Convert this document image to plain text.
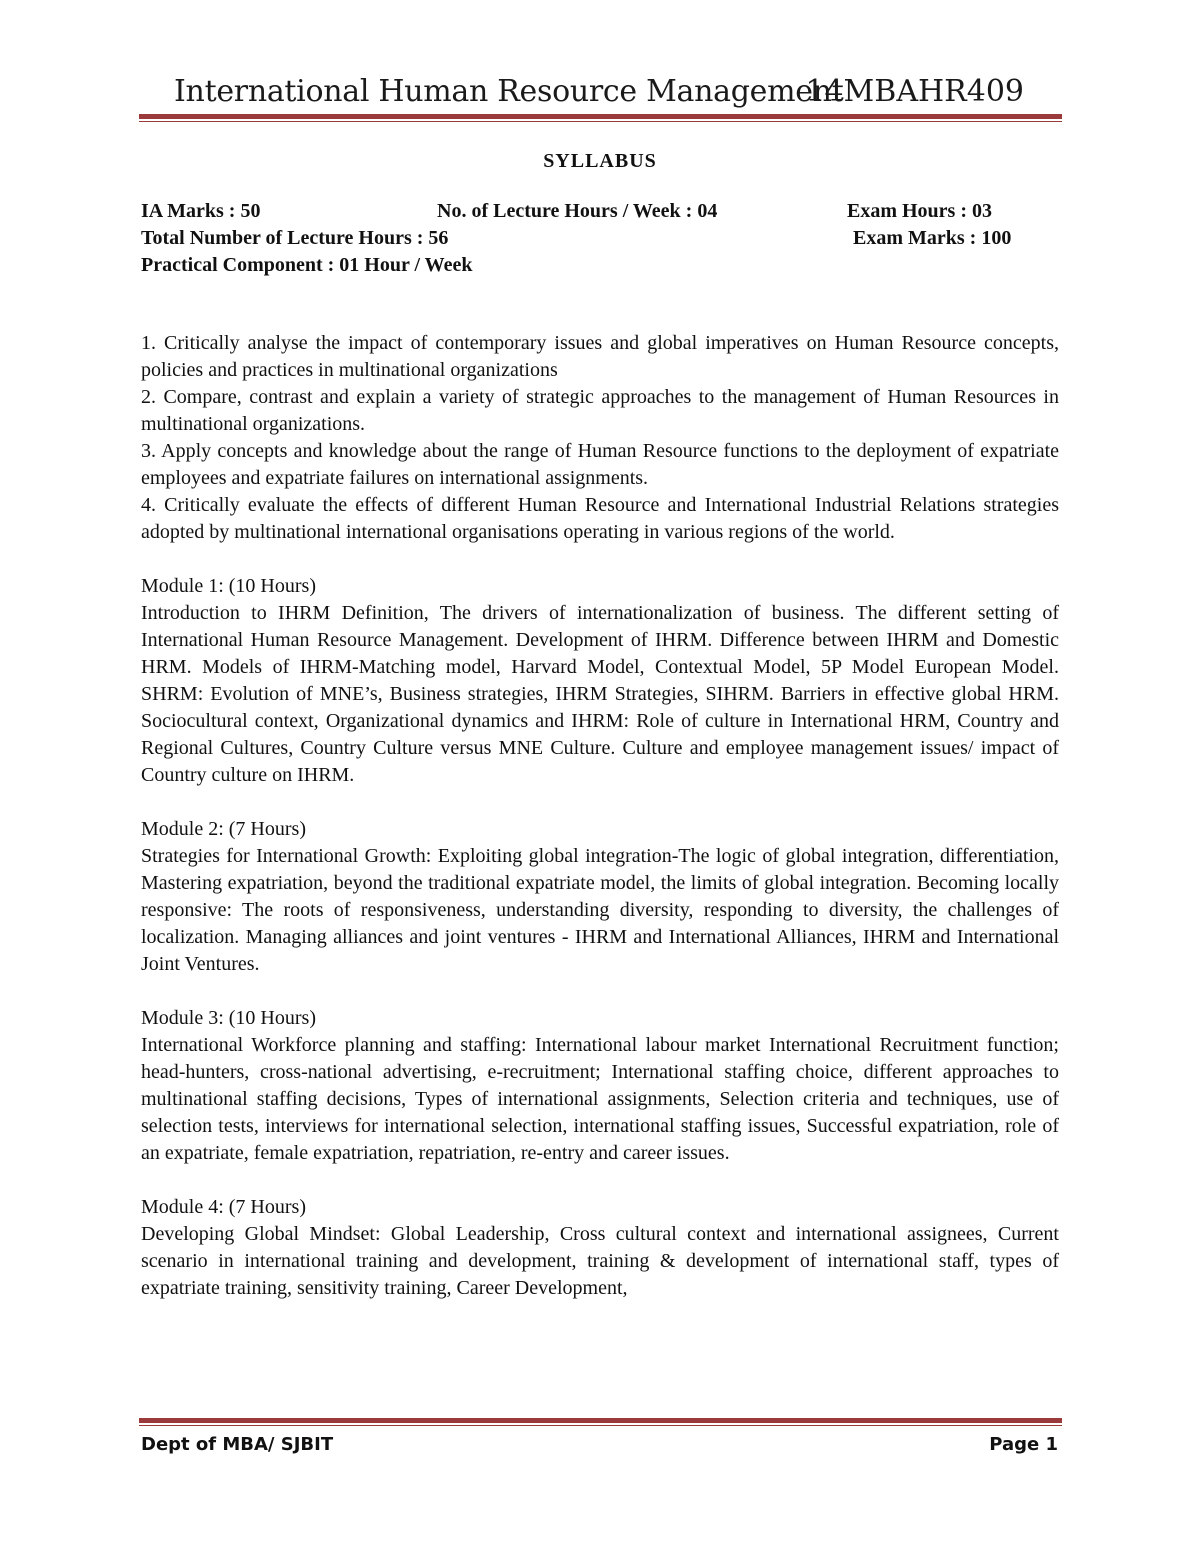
International Human Resource Management
14MBAHR409
SYLLABUS
IA Marks : 50	No. of Lecture Hours / Week : 04	Exam Hours : 03
Total Number of Lecture Hours : 56	Exam Marks : 100
Practical Component : 01 Hour / Week

1. Critically analyse the impact of contemporary issues and global imperatives on Human Resource concepts, policies and practices in multinational organizations

2. Compare, contrast and explain a variety of strategic approaches to the management of Human Resources in multinational organizations.

3. Apply concepts and knowledge about the range of Human Resource functions to the deployment of expatriate employees and expatriate failures on international assignments.

4. Critically evaluate the effects of different Human Resource and International Industrial Relations strategies adopted by multinational international organisations operating in various regions of the world.

Module 1: (10 Hours)

Introduction to IHRM Definition, The drivers of internationalization of business. The different setting of International Human Resource Management. Development of IHRM. Difference between IHRM and Domestic HRM. Models of IHRM-Matching model, Harvard Model, Contextual Model, 5P Model European Model. SHRM: Evolution of MNE’s, Business strategies, IHRM Strategies, SIHRM. Barriers in effective global HRM. Sociocultural context, Organizational dynamics and IHRM: Role of culture in International HRM, Country and Regional Cultures, Country Culture versus MNE Culture. Culture and employee management issues/ impact of Country culture on IHRM.

Module 2: (7 Hours)

Strategies for International Growth: Exploiting global integration-The logic of global integration, differentiation, Mastering expatriation, beyond the traditional expatriate model, the limits of global integration. Becoming locally responsive: The roots of responsiveness, understanding diversity, responding to diversity, the challenges of localization. Managing alliances and joint ventures - IHRM and International Alliances, IHRM and International Joint Ventures.

Module 3: (10 Hours)

International Workforce planning and staffing: International labour market International Recruitment function; head-hunters, cross-national advertising, e-recruitment; International staffing choice, different approaches to multinational staffing decisions, Types of international assignments, Selection criteria and techniques, use of selection tests, interviews for international selection, international staffing issues, Successful expatriation, role of an expatriate, female expatriation, repatriation, re-entry and career issues.

Module 4: (7 Hours)

Developing Global Mindset: Global Leadership, Cross cultural context and international assignees, Current scenario in international training and development, training & development of international staff, types of expatriate training, sensitivity training, Career Development,

Dept of MBA/ SJBIT	Page 1
